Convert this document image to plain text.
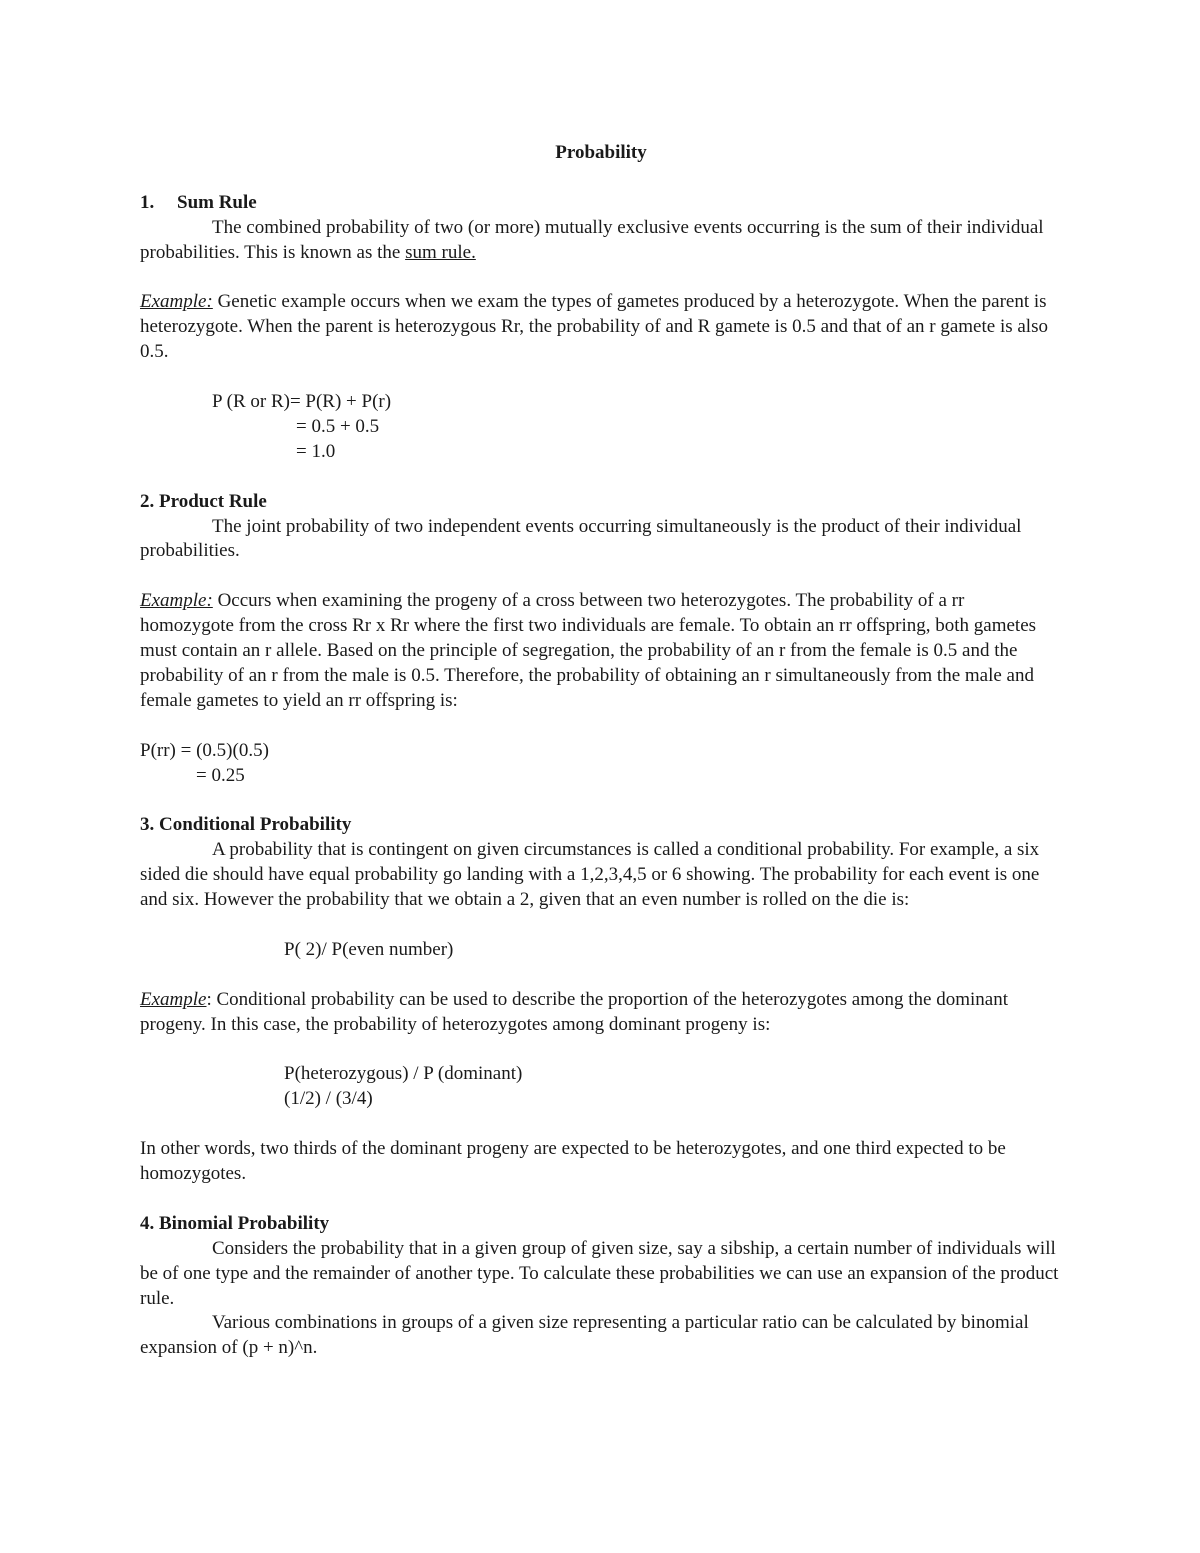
Probability

1. Sum Rule

The combined probability of two (or more) mutually exclusive events occurring is the sum of their individual probabilities. This is known as the sum rule.

Example: Genetic example occurs when we exam the types of gametes produced by a heterozygote. When the parent is heterozygote. When the parent is heterozygous Rr, the probability of and R gamete is 0.5 and that of an r gamete is also 0.5.

P (R or R)= P(R) + P(r)

= 0.5 + 0.5

= 1.0

2. Product Rule

The joint probability of two independent events occurring simultaneously is the product of their individual probabilities.

Example: Occurs when examining the progeny of a cross between two heterozygotes. The probability of a rr homozygote from the cross Rr x Rr where the first two individuals are female. To obtain an rr offspring, both gametes must contain an r allele. Based on the principle of segregation, the probability of an r from the female is 0.5 and the probability of an r from the male is 0.5. Therefore, the probability of obtaining an r simultaneously from the male and female gametes to yield an rr offspring is:

P(rr) = (0.5)(0.5)

= 0.25

3. Conditional Probability

A probability that is contingent on given circumstances is called a conditional probability. For example, a six sided die should have equal probability go landing with a 1,2,3,4,5 or 6 showing. The probability for each event is one and six. However the probability that we obtain a 2, given that an even number is rolled on the die is:

P( 2)/ P(even number)

Example: Conditional probability can be used to describe the proportion of the heterozygotes among the dominant progeny. In this case, the probability of heterozygotes among dominant progeny is:

P(heterozygous) / P (dominant)

(1/2) / (3/4)

In other words, two thirds of the dominant progeny are expected to be heterozygotes, and one third expected to be homozygotes.

4. Binomial Probability

Considers the probability that in a given group of given size, say a sibship, a certain number of individuals will be of one type and the remainder of another type. To calculate these probabilities we can use an expansion of the product rule.

Various combinations in groups of a given size representing a particular ratio can be calculated by binomial expansion of (p + n)^n.
